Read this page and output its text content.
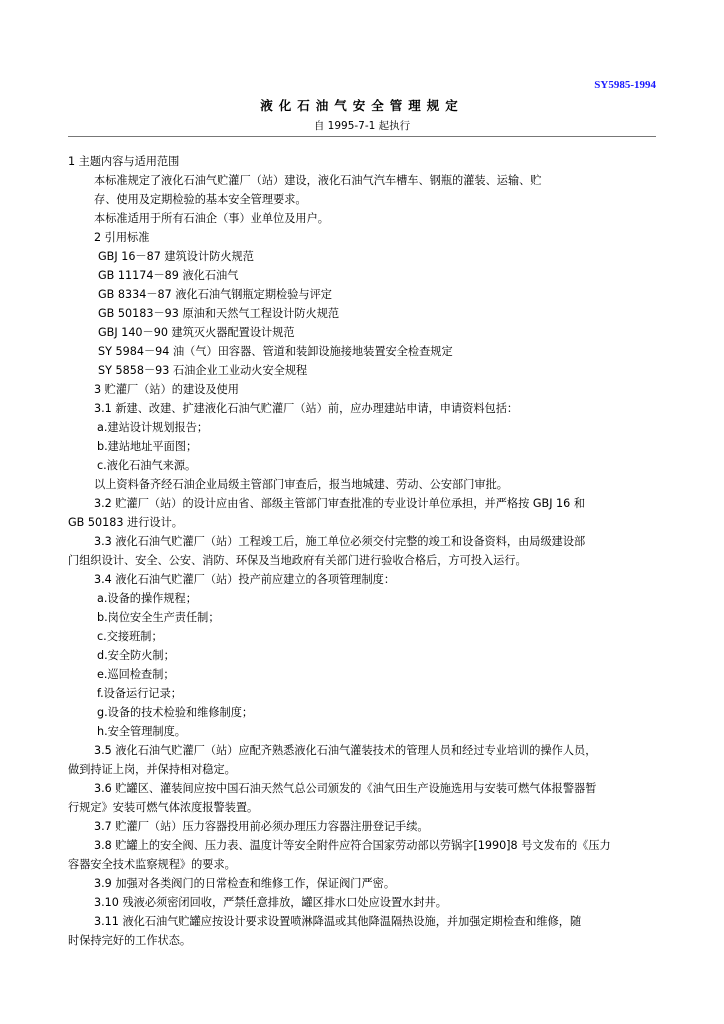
SY5985-1994
液化石油气安全管理规定
自 1995-7-1 起执行
1 主题内容与适用范围
本标准规定了液化石油气贮灌厂（站）建设，液化石油气汽车槽车、钢瓶的灌装、运输、贮
存、使用及定期检验的基本安全管理要求。
本标准适用于所有石油企（事）业单位及用户。
2 引用标准
GBJ 16－87 建筑设计防火规范
GB 11174－89 液化石油气
GB 8334－87 液化石油气钢瓶定期检验与评定
GB 50183－93 原油和天然气工程设计防火规范
GBJ 140－90 建筑灭火器配置设计规范
SY 5984－94 油（气）田容器、管道和装卸设施接地装置安全检查规定
SY 5858－93 石油企业工业动火安全规程
3 贮灌厂（站）的建设及使用
3.1 新建、改建、扩建液化石油气贮灌厂（站）前，应办理建站申请，申请资料包括：
a.建站设计规划报告；
b.建站地址平面图；
c.液化石油气来源。
以上资料备齐经石油企业局级主管部门审查后，报当地城建、劳动、公安部门审批。
3.2 贮灌厂（站）的设计应由省、部级主管部门审查批准的专业设计单位承担，并严格按 GBJ 16 和
GB 50183 进行设计。
3.3 液化石油气贮灌厂（站）工程竣工后，施工单位必须交付完整的竣工和设备资料，由局级建设部
门组织设计、安全、公安、消防、环保及当地政府有关部门进行验收合格后，方可投入运行。
3.4 液化石油气贮灌厂（站）投产前应建立的各项管理制度：
a.设备的操作规程；
b.岗位安全生产责任制；
c.交接班制；
d.安全防火制；
e.巡回检查制；
f.设备运行记录；
g.设备的技术检验和维修制度；
h.安全管理制度。
3.5 液化石油气贮灌厂（站）应配齐熟悉液化石油气灌装技术的管理人员和经过专业培训的操作人员，
做到持证上岗，并保持相对稳定。
3.6 贮罐区、灌装间应按中国石油天然气总公司颁发的《油气田生产设施选用与安装可燃气体报警器暂
行规定》安装可燃气体浓度报警装置。
3.7 贮灌厂（站）压力容器投用前必须办理压力容器注册登记手续。
3.8 贮罐上的安全阀、压力表、温度计等安全附件应符合国家劳动部以劳锅字[1990]8 号文发布的《压力
容器安全技术监察规程》的要求。
3.9 加强对各类阀门的日常检查和维修工作，保证阀门严密。
3.10 残液必须密闭回收，严禁任意排放，罐区排水口处应设置水封井。
3.11 液化石油气贮罐应按设计要求设置喷淋降温或其他降温隔热设施，并加强定期检查和维修，随
时保持完好的工作状态。
